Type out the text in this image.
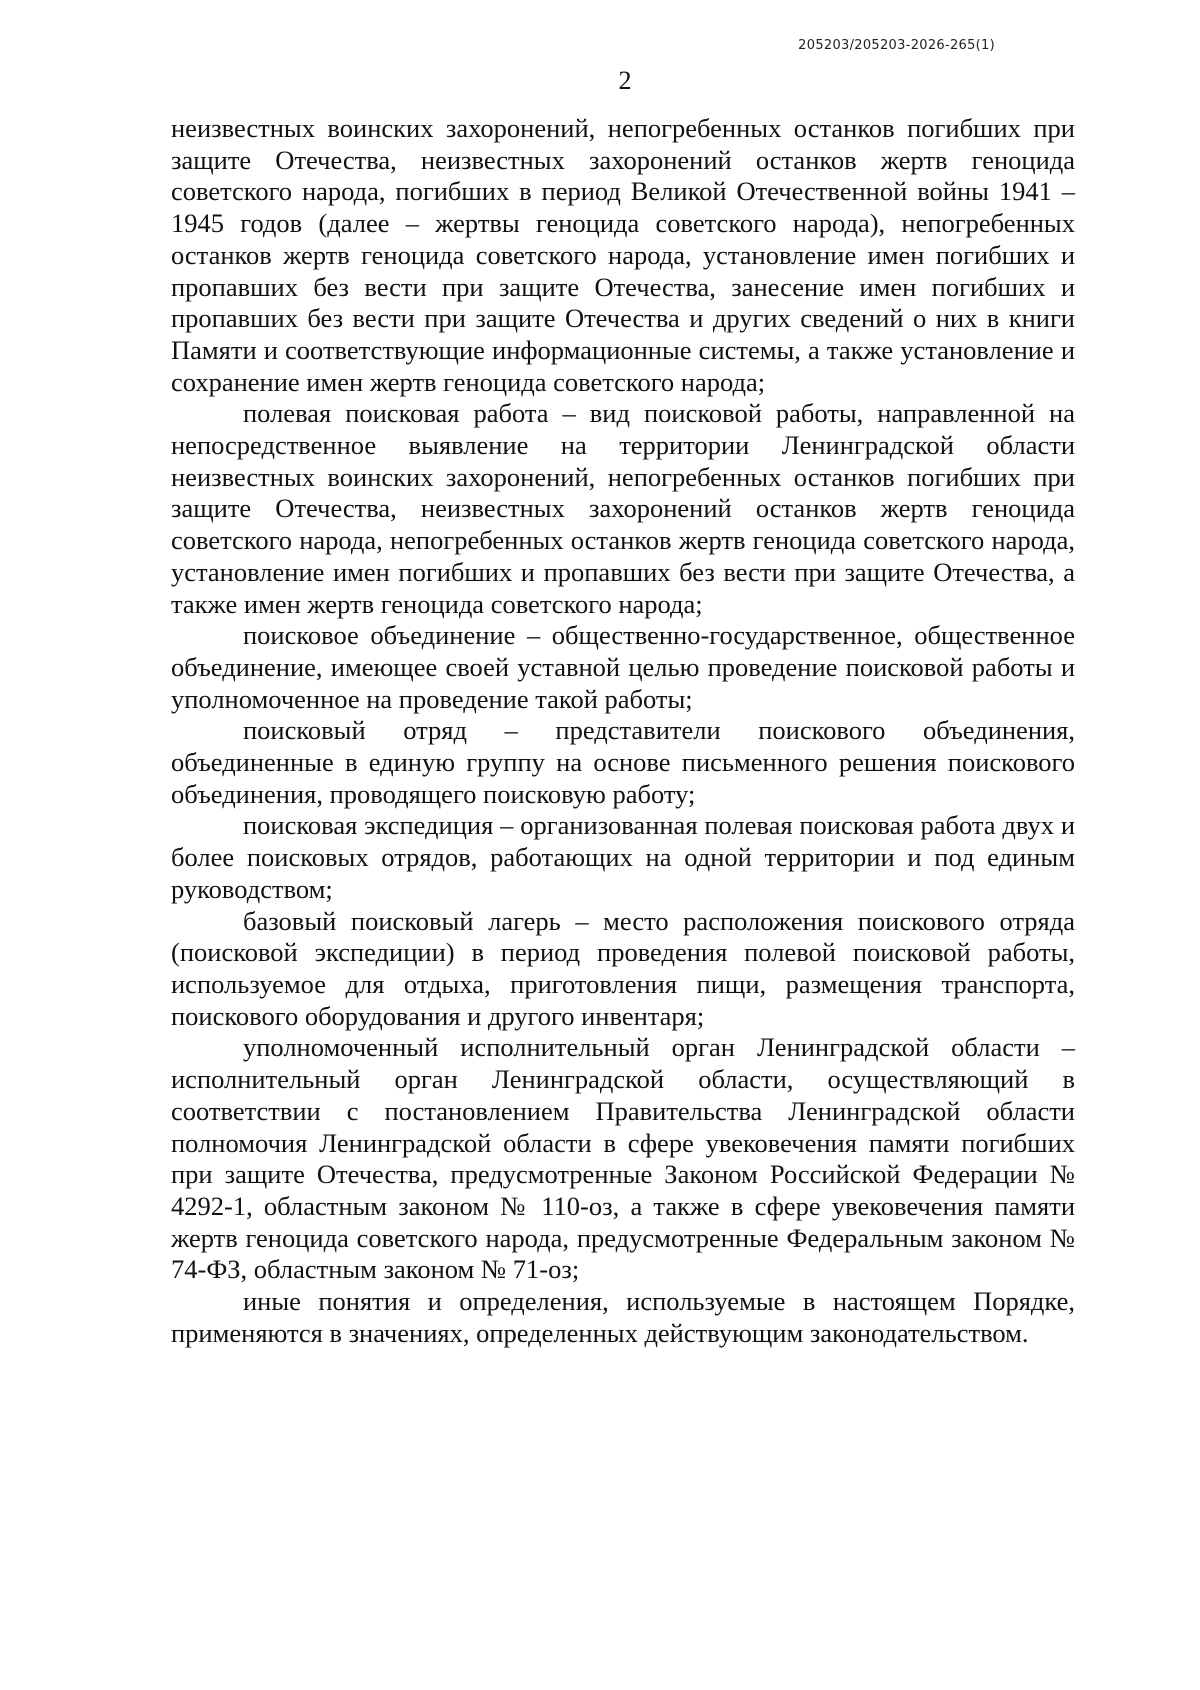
205203/205203-2026-265(1)
2

неизвестных воинских захоронений, непогребенных останков погибших при защите Отечества, неизвестных захоронений останков жертв геноцида советского народа, погибших в период Великой Отечественной войны 1941 – 1945 годов (далее – жертвы геноцида советского народа), непогребенных останков жертв геноцида советского народа, установление имен погибших и пропавших без вести при защите Отечества, занесение имен погибших и пропавших без вести при защите Отечества и других сведений о них в книги Памяти и соответствующие информационные системы, а также установление и сохранение имен жертв геноцида советского народа;

полевая поисковая работа – вид поисковой работы, направленной на непосредственное выявление на территории Ленинградской области неизвестных воинских захоронений, непогребенных останков погибших при защите Отечества, неизвестных захоронений останков жертв геноцида советского народа, непогребенных останков жертв геноцида советского народа, установление имен погибших и пропавших без вести при защите Отечества, а также имен жертв геноцида советского народа;

поисковое объединение – общественно-государственное, общественное объединение, имеющее своей уставной целью проведение поисковой работы и уполномоченное на проведение такой работы;

поисковый отряд – представители поискового объединения, объединенные в единую группу на основе письменного решения поискового объединения, проводящего поисковую работу;

поисковая экспедиция – организованная полевая поисковая работа двух и более поисковых отрядов, работающих на одной территории и под единым руководством;

базовый поисковый лагерь – место расположения поискового отряда (поисковой экспедиции) в период проведения полевой поисковой работы, используемое для отдыха, приготовления пищи, размещения транспорта, поискового оборудования и другого инвентаря;

уполномоченный исполнительный орган Ленинградской области – исполнительный орган Ленинградской области, осуществляющий в соответствии с постановлением Правительства Ленинградской области полномочия Ленинградской области в сфере увековечения памяти погибших при защите Отечества, предусмотренные Законом Российской Федерации № 4292-1, областным законом № 110-оз, а также в сфере увековечения памяти жертв геноцида советского народа, предусмотренные Федеральным законом № 74-ФЗ, областным законом № 71-оз;

иные понятия и определения, используемые в настоящем Порядке, применяются в значениях, определенных действующим законодательством.
